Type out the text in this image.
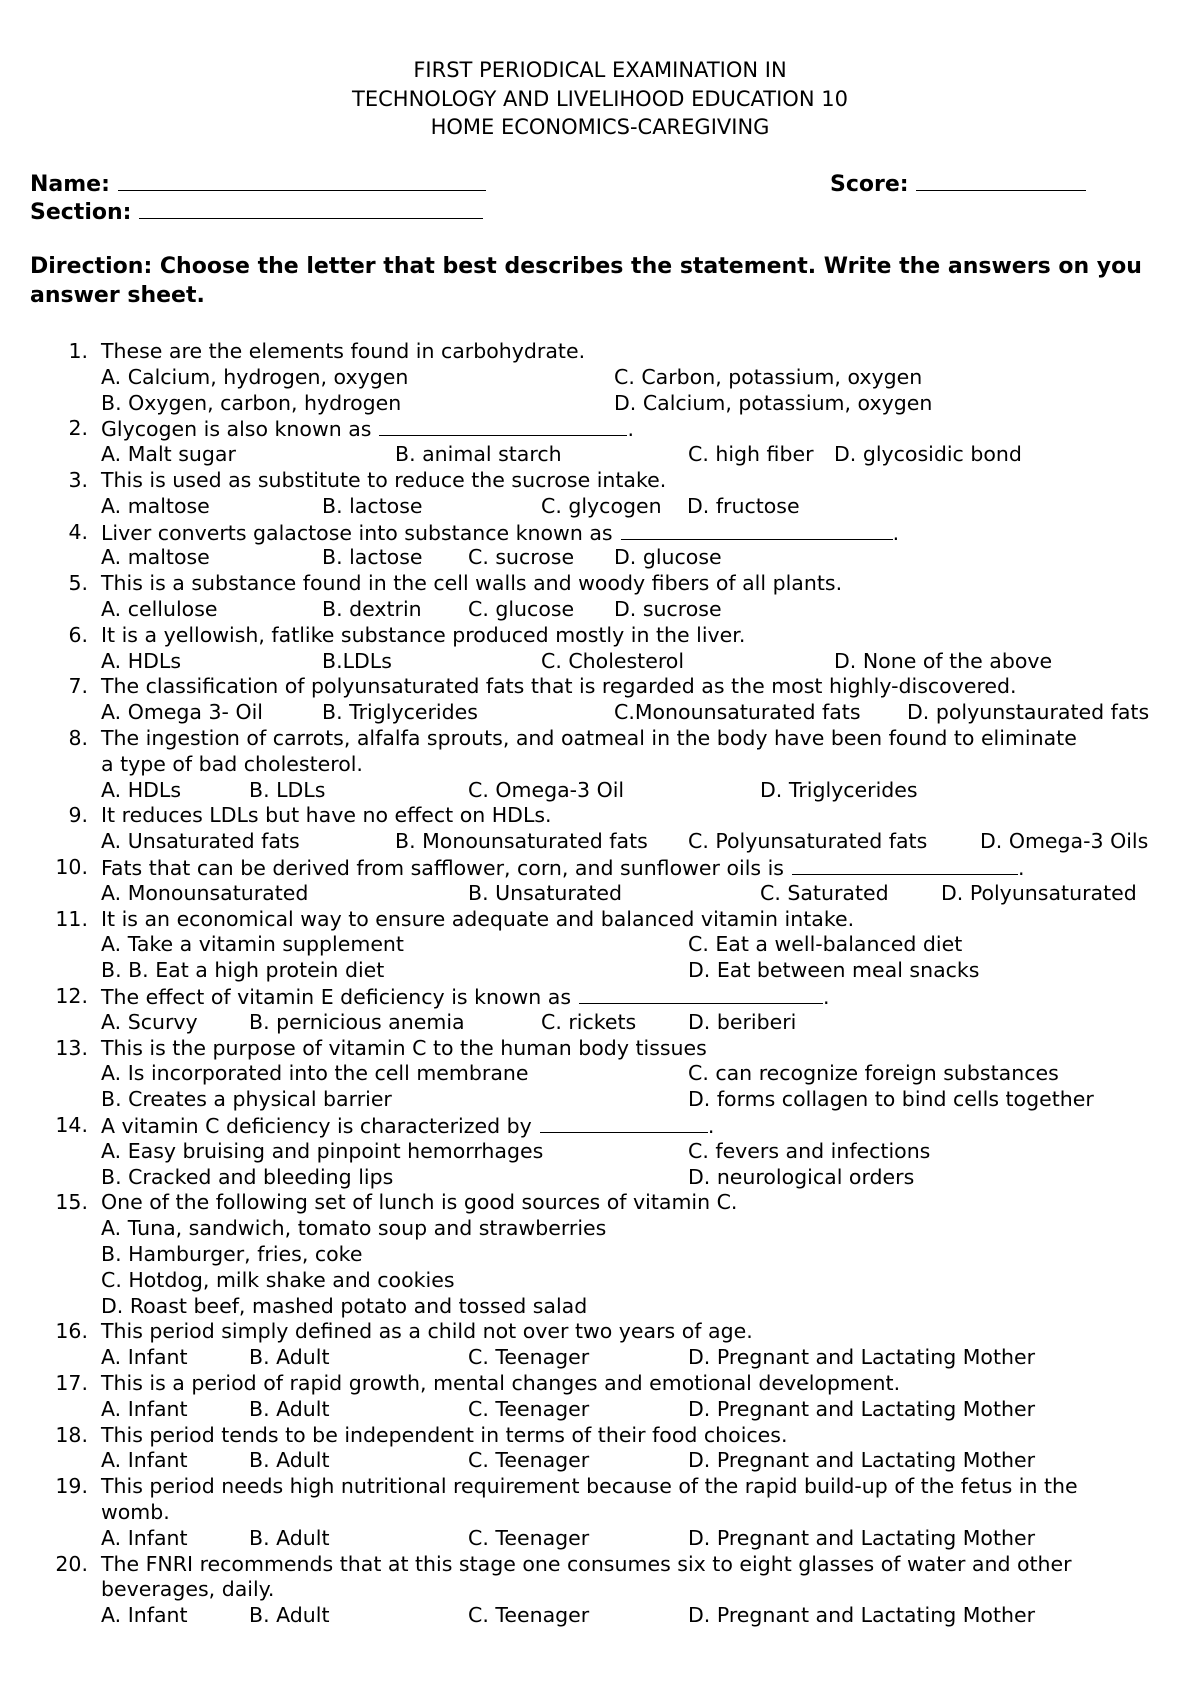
FIRST PERIODICAL EXAMINATION IN
TECHNOLOGY AND LIVELIHOOD EDUCATION 10
HOME ECONOMICS-CAREGIVING
Name:	Score:
Section:
Direction: Choose the letter that best describes the statement. Write the answers on you
answer sheet.
1. These are the elements found in carbohydrate.
A. Calcium, hydrogen, oxygen	C. Carbon, potassium, oxygen
B. Oxygen, carbon, hydrogen	D. Calcium, potassium, oxygen
2. Glycogen is also known as	.
A. Malt sugar	B. animal starch	C. high fiber D. glycosidic bond
3. This is used as substitute to reduce the sucrose intake.
A. maltose	B. lactose	C. glycogen D. fructose
4. Liver converts galactose into substance known as	.
A. maltose	B. lactose C. sucrose D. glucose
5. This is a substance found in the cell walls and woody fibers of all plants.
A. cellulose	B. dextrin C. glucose D. sucrose
6. It is a yellowish, fatlike substance produced mostly in the liver.
A. HDLs	B.LDLs	C. Cholesterol	D. None of the above
7. The classification of polyunsaturated fats that is regarded as the most highly-discovered.
A. Omega 3- Oil	B. Triglycerides	C.Monounsaturated fats D. polyunstaurated fats
8. The ingestion of carrots, alfalfa sprouts, and oatmeal in the body have been found to eliminate
a type of bad cholesterol.
A. HDLs	B. LDLs	C. Omega-3 Oil	D. Triglycerides
9. It reduces LDLs but have no effect on HDLs.
A. Unsaturated fats	B. Monounsaturated fats C. Polyunsaturated fats	D. Omega-3 Oils
10. Fats that can be derived from safflower, corn, and sunflower oils is	.
A. Monounsaturated	B. Unsaturated	C. Saturated	D. Polyunsaturated
11. It is an economical way to ensure adequate and balanced vitamin intake.
A. Take a vitamin supplement	C. Eat a well-balanced diet
B. B. Eat a high protein diet	D. Eat between meal snacks
12. The effect of vitamin E deficiency is known as	.
A. Scurvy	B. pernicious anemia	C. rickets	D. beriberi
13. This is the purpose of vitamin C to the human body tissues
A. Is incorporated into the cell membrane	C. can recognize foreign substances
B. Creates a physical barrier	D. forms collagen to bind cells together
14. A vitamin C deficiency is characterized by	.
A. Easy bruising and pinpoint hemorrhages	C. fevers and infections
B. Cracked and bleeding lips	D. neurological orders
15. One of the following set of lunch is good sources of vitamin C.
A. Tuna, sandwich, tomato soup and strawberries
B. Hamburger, fries, coke
C. Hotdog, milk shake and cookies
D. Roast beef, mashed potato and tossed salad
16. This period simply defined as a child not over two years of age.
A. Infant	B. Adult	C. Teenager	D. Pregnant and Lactating Mother
17. This is a period of rapid growth, mental changes and emotional development.
A. Infant	B. Adult	C. Teenager	D. Pregnant and Lactating Mother
18. This period tends to be independent in terms of their food choices.
A. Infant	B. Adult	C. Teenager	D. Pregnant and Lactating Mother
19. This period needs high nutritional requirement because of the rapid build-up of the fetus in the
womb.
A. Infant	B. Adult	C. Teenager	D. Pregnant and Lactating Mother
20. The FNRI recommends that at this stage one consumes six to eight glasses of water and other
beverages, daily.
A. Infant	B. Adult	C. Teenager	D. Pregnant and Lactating Mother
